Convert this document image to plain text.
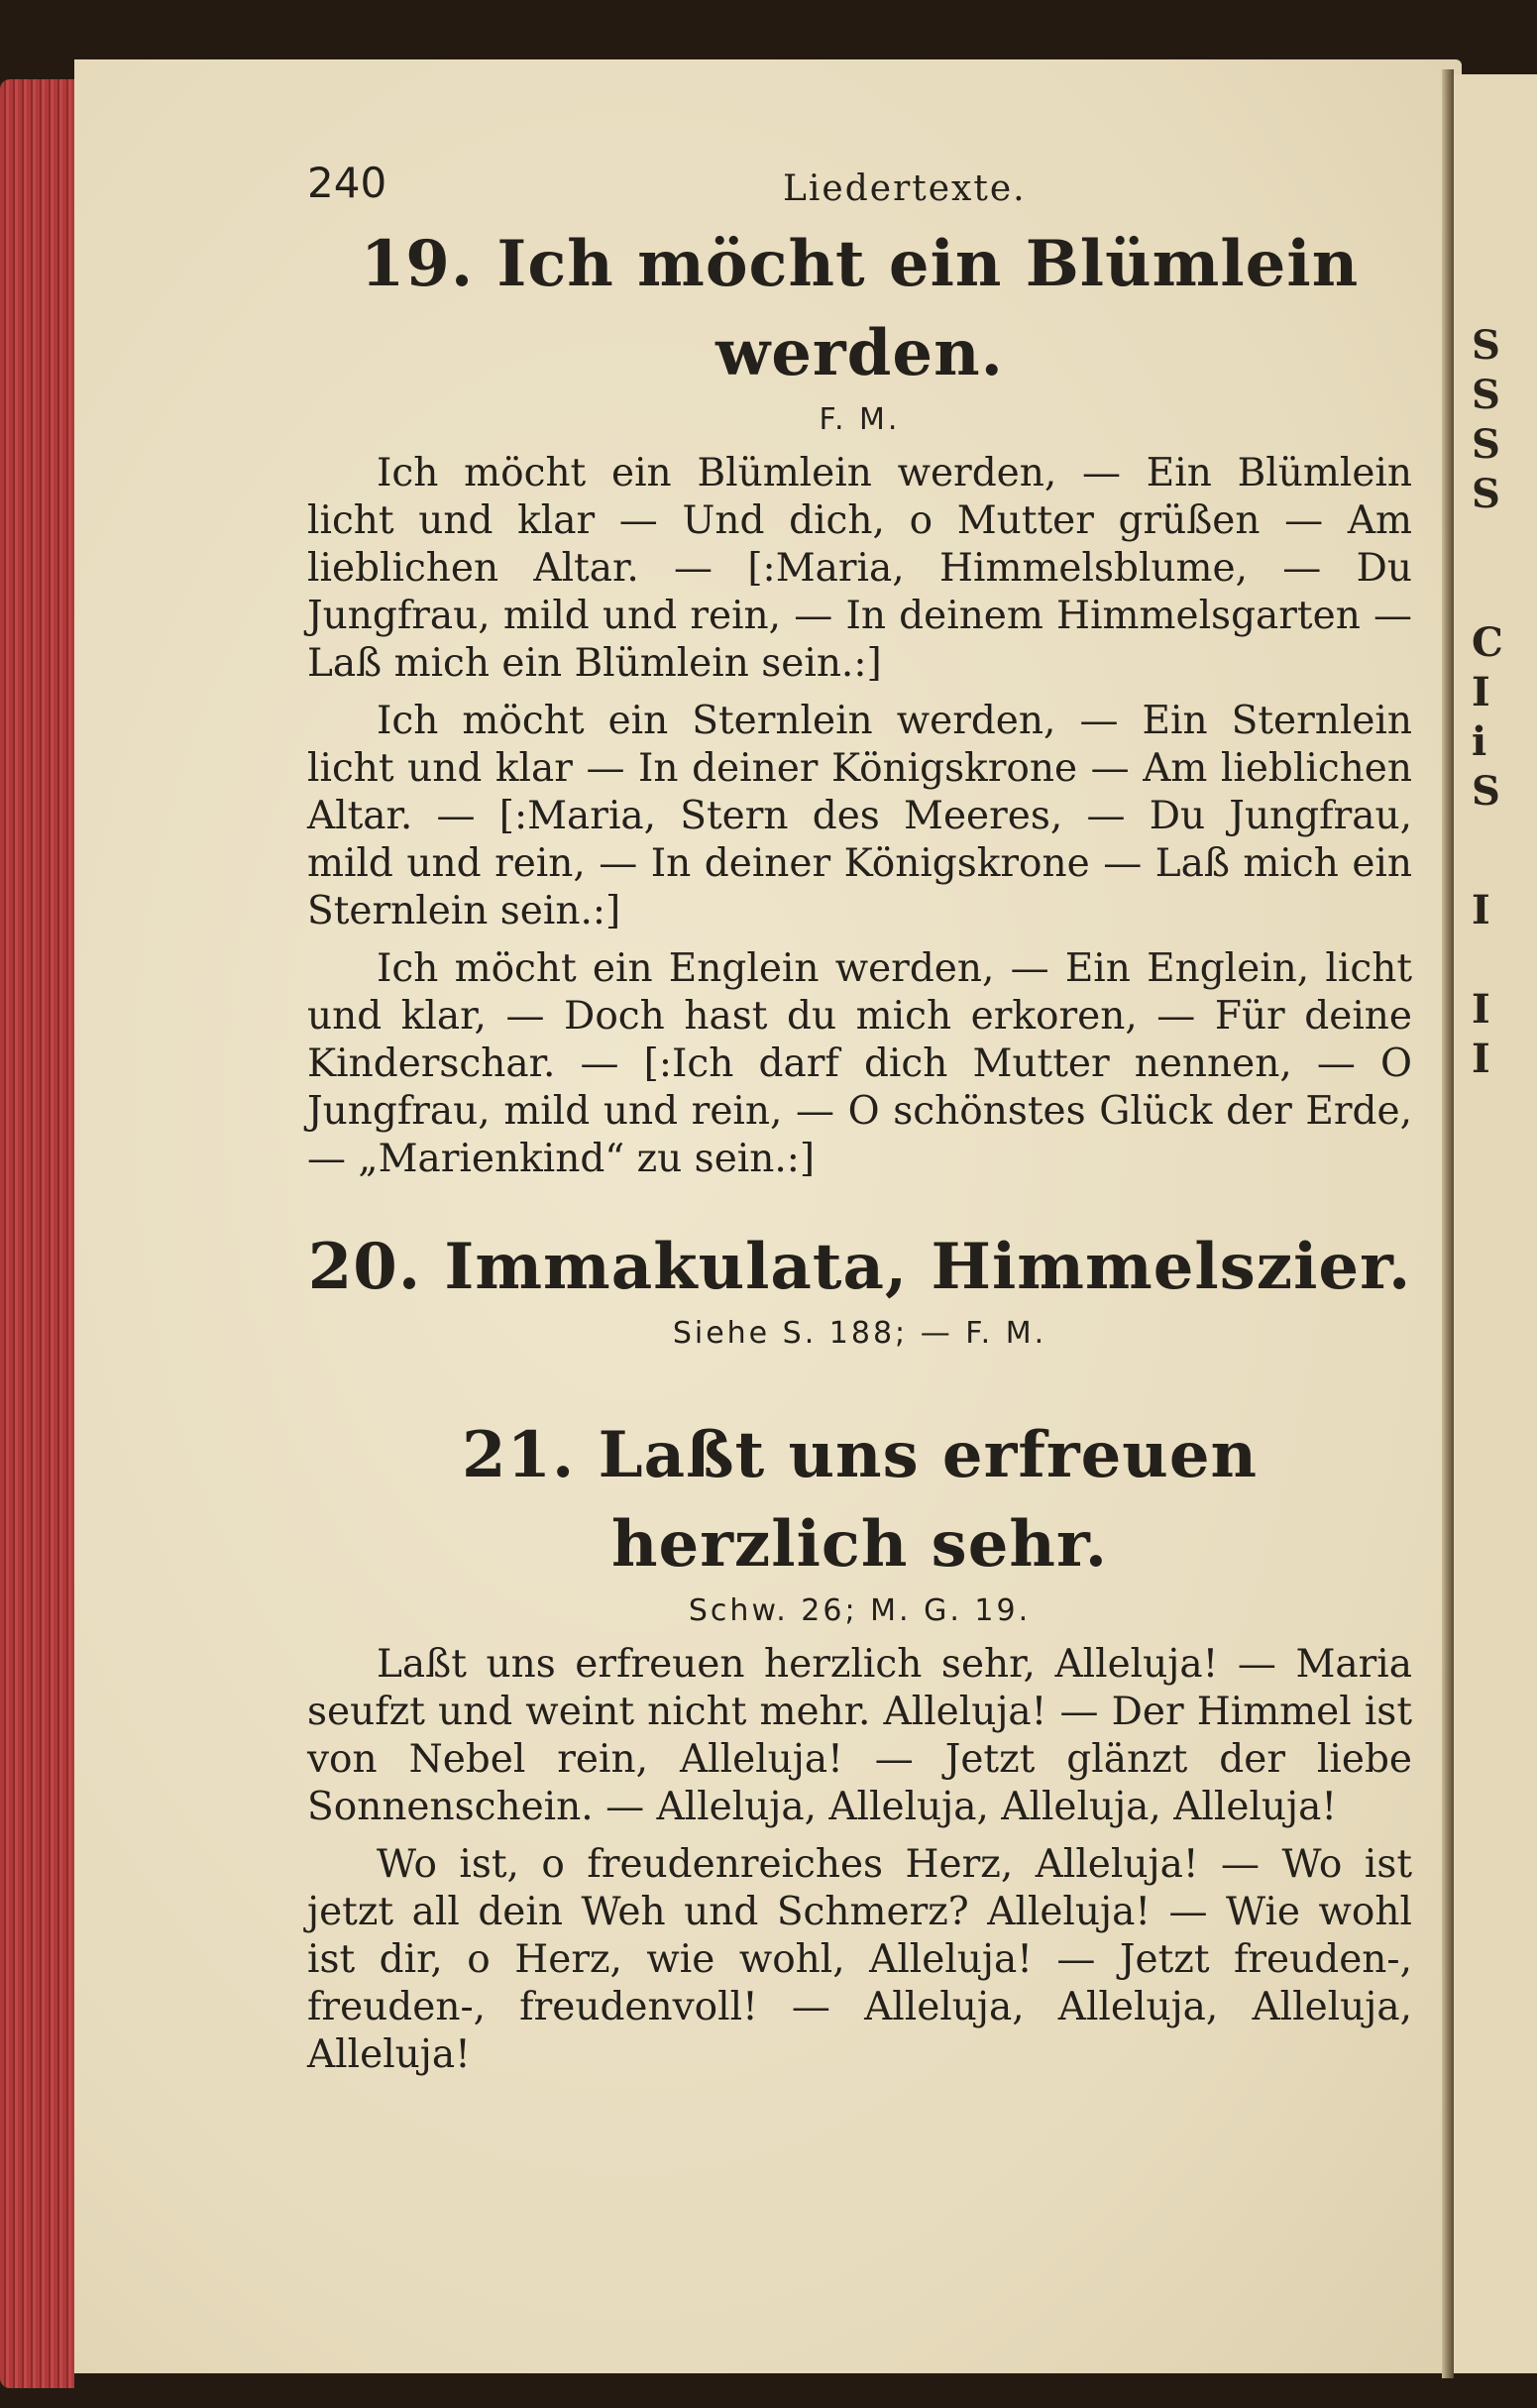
S
S
S
S
C
I
i
S
I
I
I
240	Liedertexte.
19. Ich möcht ein Blümlein werden.
F. M.

Ich möcht ein Blümlein werden, — Ein Blümlein licht und klar — Und dich, o Mutter grüßen — Am lieblichen Altar. — [:Maria, Himmelsblume, — Du Jungfrau, mild und rein, — In deinem Himmelsgarten — Laß mich ein Blümlein sein.:]

Ich möcht ein Sternlein werden, — Ein Sternlein licht und klar — In deiner Königskrone — Am lieblichen Altar. — [:Maria, Stern des Meeres, — Du Jungfrau, mild und rein, — In deiner Königskrone — Laß mich ein Sternlein sein.:]

Ich möcht ein Englein werden, — Ein Englein, licht und klar, — Doch hast du mich erkoren, — Für deine Kinderschar. — [:Ich darf dich Mutter nennen, — O Jungfrau, mild und rein, — O schönstes Glück der Erde, — „Marienkind“ zu sein.:]

20. Immakulata, Himmelszier.
Siehe S. 188; — F. M.
21. Laßt uns erfreuen herzlich sehr.
Schw. 26; M. G. 19.

Laßt uns erfreuen herzlich sehr, Alleluja! — Maria seufzt und weint nicht mehr. Alleluja! — Der Himmel ist von Nebel rein, Alleluja! — Jetzt glänzt der liebe Sonnenschein. — Alleluja, Alleluja, Alleluja, Alleluja!

Wo ist, o freudenreiches Herz, Alleluja! — Wo ist jetzt all dein Weh und Schmerz? Alleluja! — Wie wohl ist dir, o Herz, wie wohl, Alleluja! — Jetzt freuden-, freuden-, freudenvoll! — Alleluja, Alleluja, Alleluja, Alleluja!
